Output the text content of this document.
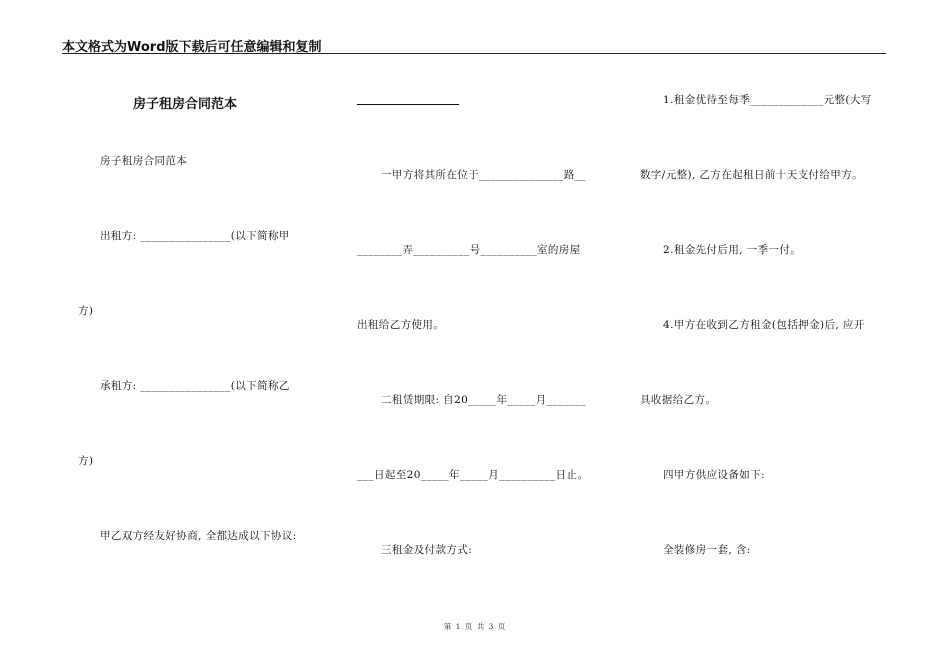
本文格式为Word版下载后可任意编辑和复制
房子租房合同范本
房子租房合同范本
出租方: ________________(以下简称甲
方)
承租方: ________________(以下简称乙
方)
甲乙双方经友好协商, 全都达成以下协议:
一甲方将其所在位于_______________路__
________弄__________号__________室的房屋
出租给乙方使用。
二租赁期限: 自20_____年_____月_______
___日起至20_____年_____月__________日止。
三租金及付款方式:
1.租金优待至每季_____________元整(大写
数字/元整), 乙方在起租日前十天支付给甲方。
2.租金先付后用, 一季一付。
4.甲方在收到乙方租金(包括押金)后, 应开
具收据给乙方。
四甲方供应设备如下:
全装修房一套, 含:
第 1 页 共 3 页
